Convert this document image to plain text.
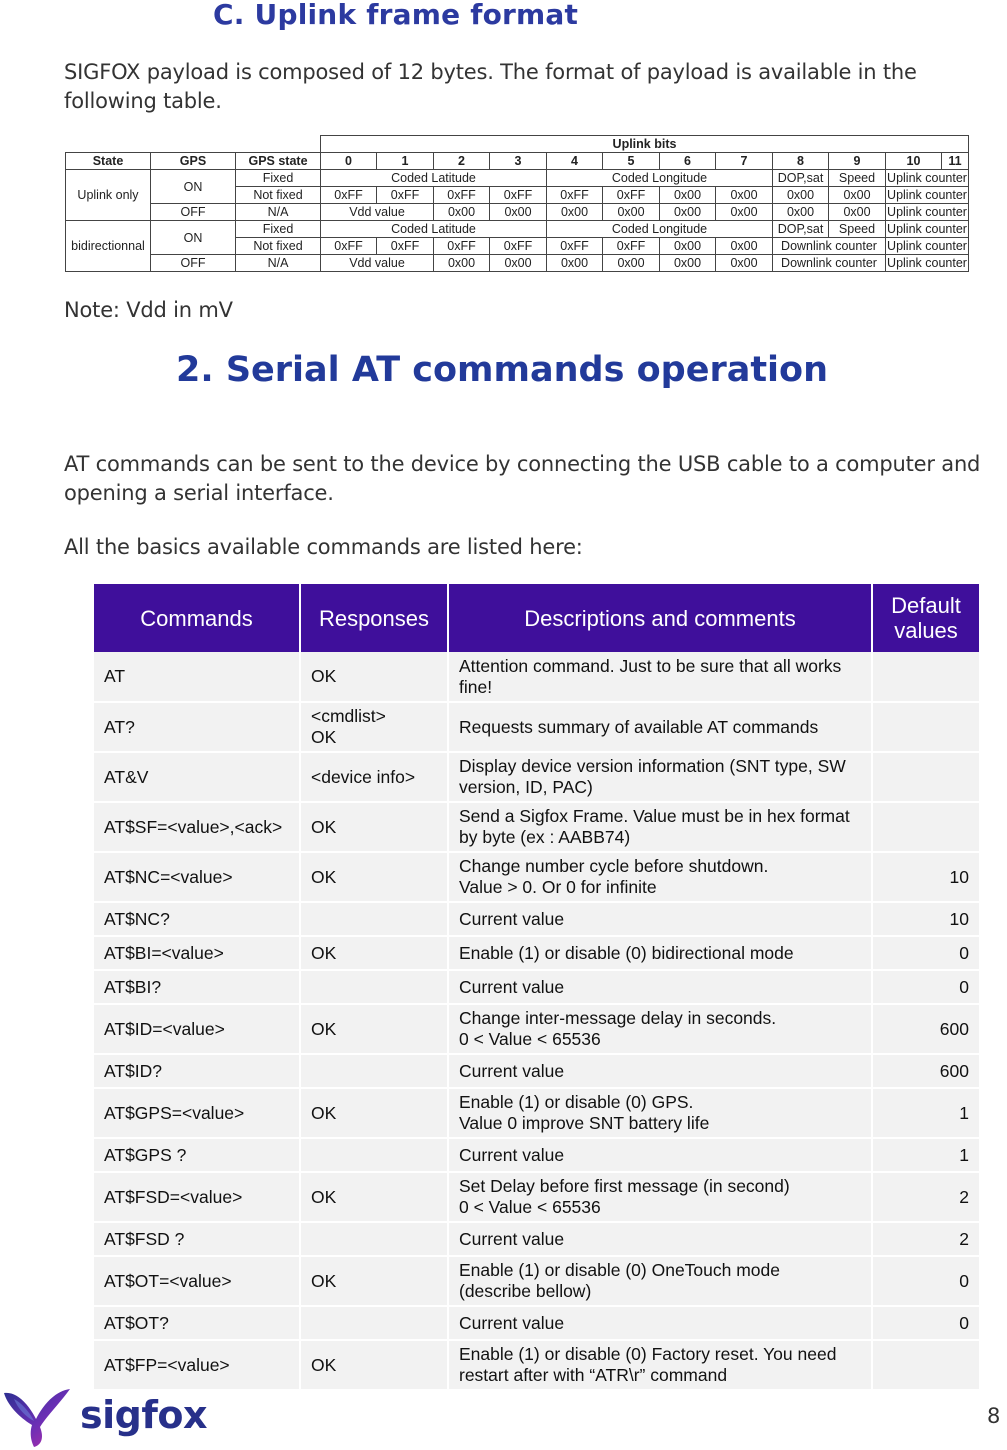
C. Uplink frame format

SIGFOX payload is composed of 12 bytes. The format of payload is available in the following table.

			Uplink bits											
State	GPS	GPS state	0	1	2	3	4	5	6	7	8	9	10	11
Uplink only	ON	Fixed	Coded Latitude				Coded Longitude				DOP,sat	Speed	Uplink counter	
		Not fixed	0xFF	0xFF	0xFF	0xFF	0xFF	0xFF	0x00	0x00	0x00	0x00	Uplink counter	
	OFF	N/A	Vdd value		0x00	0x00	0x00	0x00	0x00	0x00	0x00	0x00	Uplink counter	
bidirectionnal	ON	Fixed	Coded Latitude				Coded Longitude				DOP,sat	Speed	Uplink counter	
		Not fixed	0xFF	0xFF	0xFF	0xFF	0xFF	0xFF	0x00	0x00	Downlink counter		Uplink counter	
	OFF	N/A	Vdd value		0x00	0x00	0x00	0x00	0x00	0x00	Downlink counter		Uplink counter	

Note: Vdd in mV

2. Serial AT commands operation

AT commands can be sent to the device by connecting the USB cable to a computer and opening a serial interface.

All the basics available commands are listed here:

Commands	Responses	Descriptions and comments	Default values
AT	OK	Attention command. Just to be sure that all works fine!	
AT?	<cmdlist>
OK	Requests summary of available AT commands	
AT&V	<device info>	Display device version information (SNT type, SW version, ID, PAC)	
AT$SF=<value>,<ack>	OK	Send a Sigfox Frame. Value must be in hex format by byte (ex : AABB74)	
AT$NC=<value>	OK	Change number cycle before shutdown.
Value > 0. Or 0 for infinite	10
AT$NC?		Current value	10
AT$BI=<value>	OK	Enable (1) or disable (0) bidirectional mode	0
AT$BI?		Current value	0
AT$ID=<value>	OK	Change inter-message delay in seconds.
0 < Value < 65536	600
AT$ID?		Current value	600
AT$GPS=<value>	OK	Enable (1) or disable (0) GPS.
Value 0 improve SNT battery life	1
AT$GPS ?		Current value	1
AT$FSD=<value>	OK	Set Delay before first message (in second)
0 < Value < 65536	2
AT$FSD ?		Current value	2
AT$OT=<value>	OK	Enable (1) or disable (0) OneTouch mode
(describe bellow)	0
AT$OT?		Current value	0
AT$FP=<value>	OK	Enable (1) or disable (0) Factory reset. You need restart after with “ATR\r” command	
sigfox	8
